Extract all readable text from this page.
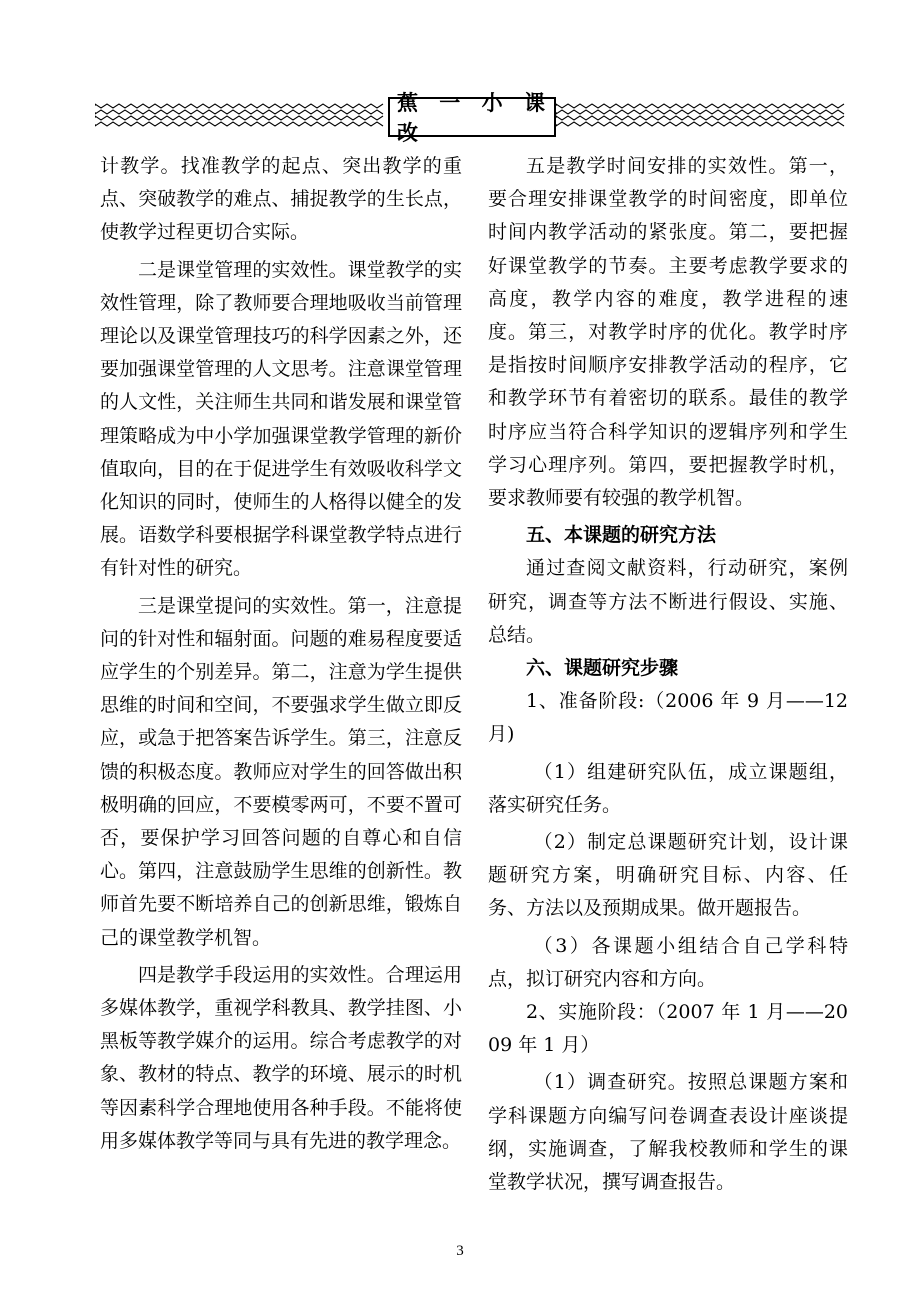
蕉 一 小 课 改

计教学。找准教学的起点、突出教学的重点、突破教学的难点、捕捉教学的生长点，使教学过程更切合实际。

二是课堂管理的实效性。课堂教学的实效性管理，除了教师要合理地吸收当前管理理论以及课堂管理技巧的科学因素之外，还要加强课堂管理的人文思考。注意课堂管理的人文性，关注师生共同和谐发展和课堂管理策略成为中小学加强课堂教学管理的新价值取向，目的在于促进学生有效吸收科学文化知识的同时，使师生的人格得以健全的发展。语数学科要根据学科课堂教学特点进行有针对性的研究。

三是课堂提问的实效性。第一，注意提问的针对性和辐射面。问题的难易程度要适应学生的个别差异。第二，注意为学生提供思维的时间和空间，不要强求学生做立即反应，或急于把答案告诉学生。第三，注意反馈的积极态度。教师应对学生的回答做出积极明确的回应，不要模零两可，不要不置可否，要保护学习回答问题的自尊心和自信心。第四，注意鼓励学生思维的创新性。教师首先要不断培养自己的创新思维，锻炼自己的课堂教学机智。

四是教学手段运用的实效性。合理运用多媒体教学，重视学科教具、教学挂图、小黑板等教学媒介的运用。综合考虑教学的对象、教材的特点、教学的环境、展示的时机等因素科学合理地使用各种手段。不能将使用多媒体教学等同与具有先进的教学理念。

五是教学时间安排的实效性。第一，要合理安排课堂教学的时间密度，即单位时间内教学活动的紧张度。第二，要把握好课堂教学的节奏。主要考虑教学要求的高度，教学内容的难度，教学进程的速度。第三，对教学时序的优化。教学时序是指按时间顺序安排教学活动的程序，它和教学环节有着密切的联系。最佳的教学时序应当符合科学知识的逻辑序列和学生学习心理序列。第四，要把握教学时机，要求教师要有较强的教学机智。

五、本课题的研究方法

通过查阅文献资料，行动研究，案例研究，调查等方法不断进行假设、实施、总结。

六、课题研究步骤

1、准备阶段:（2006 年 9 月——12 月)

（1）组建研究队伍，成立课题组，落实研究任务。

（2）制定总课题研究计划，设计课题研究方案，明确研究目标、内容、任务、方法以及预期成果。做开题报告。

（3）各课题小组结合自己学科特点，拟订研究内容和方向。

2、实施阶段：（2007 年 1 月——2009 年 1 月）

（1）调查研究。按照总课题方案和学科课题方向编写问卷调查表设计座谈提纲，实施调查，了解我校教师和学生的课堂教学状况，撰写调查报告。

3
